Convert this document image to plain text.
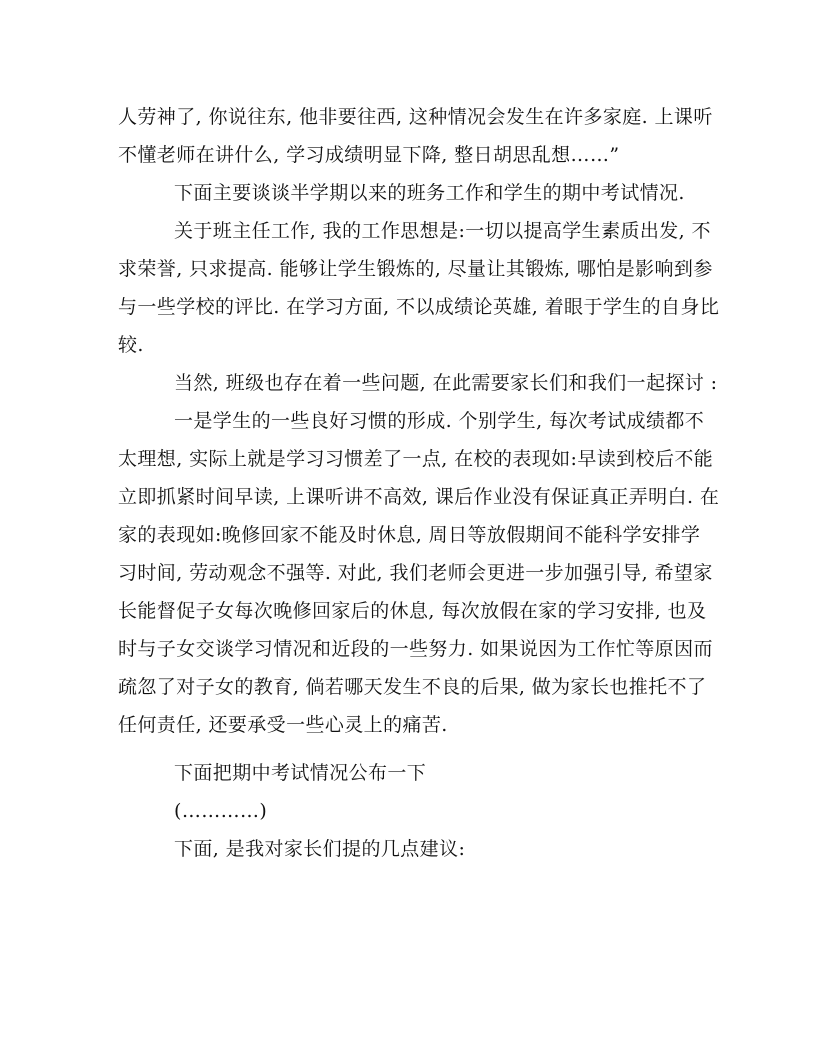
人劳神了, 你说往东, 他非要往西, 这种情况会发生在许多家庭. 上课听
不懂老师在讲什么, 学习成绩明显下降, 整日胡思乱想……”

下面主要谈谈半学期以来的班务工作和学生的期中考试情况.

关于班主任工作, 我的工作思想是:一切以提高学生素质出发, 不
求荣誉, 只求提高. 能够让学生锻炼的, 尽量让其锻炼, 哪怕是影响到参
与一些学校的评比. 在学习方面, 不以成绩论英雄, 着眼于学生的自身比
较.

当然, 班级也存在着一些问题, 在此需要家长们和我们一起探讨 :

一是学生的一些良好习惯的形成. 个别学生, 每次考试成绩都不
太理想, 实际上就是学习习惯差了一点, 在校的表现如:早读到校后不能
立即抓紧时间早读, 上课听讲不高效, 课后作业没有保证真正弄明白. 在
家的表现如:晚修回家不能及时休息, 周日等放假期间不能科学安排学
习时间, 劳动观念不强等. 对此, 我们老师会更进一步加强引导, 希望家
长能督促子女每次晚修回家后的休息, 每次放假在家的学习安排, 也及
时与子女交谈学习情况和近段的一些努力. 如果说因为工作忙等原因而
疏忽了对子女的教育, 倘若哪天发生不良的后果, 做为家长也推托不了
任何责任, 还要承受一些心灵上的痛苦.

下面把期中考试情况公布一下

(…………)

下面, 是我对家长们提的几点建议:
